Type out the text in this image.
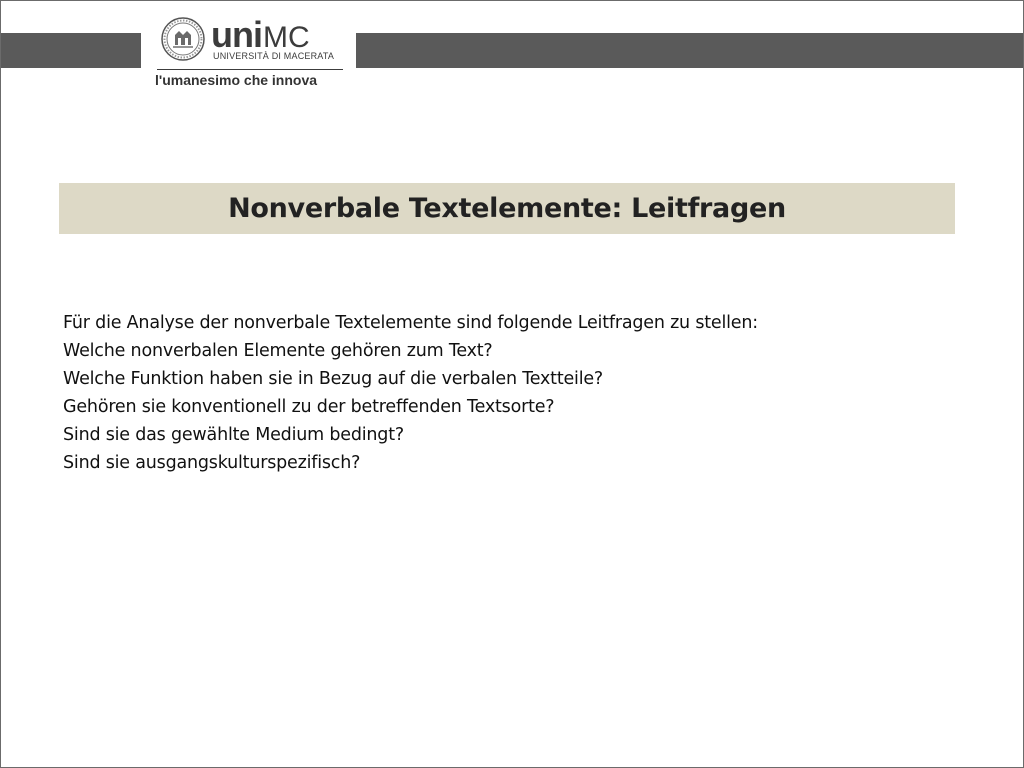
uniMC
UNIVERSITÀ DI MACERATA
l'umanesimo che innova
Nonverbale Textelemente: Leitfragen
Für die Analyse der nonverbale Textelemente sind folgende Leitfragen zu stellen:
Welche nonverbalen Elemente gehören zum Text?
Welche Funktion haben sie in Bezug auf die verbalen Textteile?
Gehören sie konventionell zu der betreffenden Textsorte?
Sind sie das gewählte Medium bedingt?
Sind sie ausgangskulturspezifisch?
